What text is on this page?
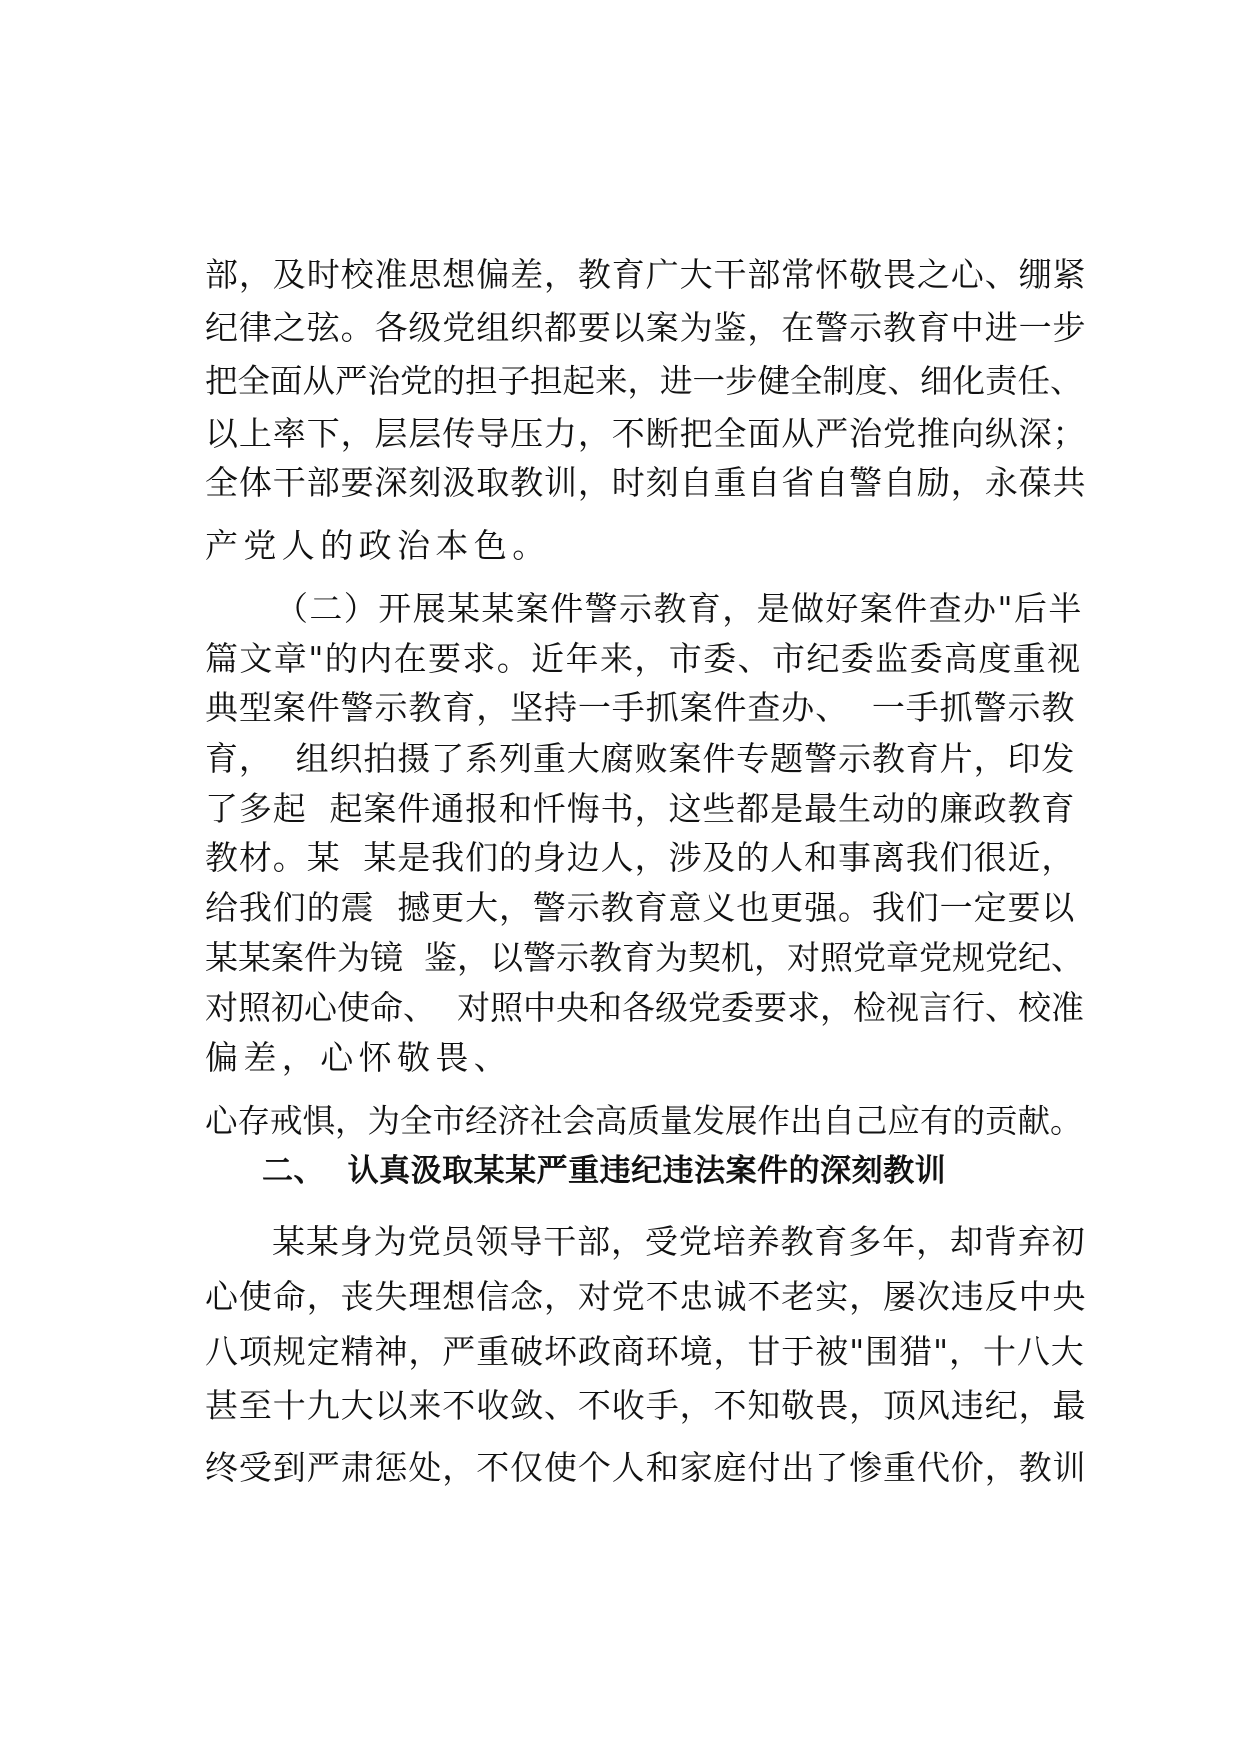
部，及时校准思想偏差，教育广大干部常怀敬畏之心、绷紧
纪律之弦。各级党组织都要以案为鉴，在警示教育中进一步
把全面从严治党的担子担起来，进一步健全制度、细化责任、
以上率下，层层传导压力，不断把全面从严治党推向纵深；
全体干部要深刻汲取教训，时刻自重自省自警自励，永葆共
产党人的政治本色。
（二）开展某某案件警示教育，是做好案件查办"后半
篇文章"的内在要求。近年来，市委、市纪委监委高度重视
典型案件警示教育，坚持一手抓案件查办、  一手抓警示教
育，  组织拍摄了系列重大腐败案件专题警示教育片，印发
了多起  起案件通报和忏悔书，这些都是最生动的廉政教育
教材。某  某是我们的身边人，涉及的人和事离我们很近，
给我们的震  撼更大，警示教育意义也更强。我们一定要以
某某案件为镜  鉴，以警示教育为契机，对照党章党规党纪、
对照初心使命、  对照中央和各级党委要求，检视言行、校准
偏差，心怀敬畏、
心存戒惧，为全市经济社会高质量发展作出自己应有的贡献。
二、  认真汲取某某严重违纪违法案件的深刻教训
某某身为党员领导干部，受党培养教育多年，却背弃初
心使命，丧失理想信念，对党不忠诚不老实，屡次违反中央
八项规定精神，严重破坏政商环境，甘于被"围猎"，十八大
甚至十九大以来不收敛、不收手，不知敬畏，顶风违纪，最
终受到严肃惩处，不仅使个人和家庭付出了惨重代价，教训
